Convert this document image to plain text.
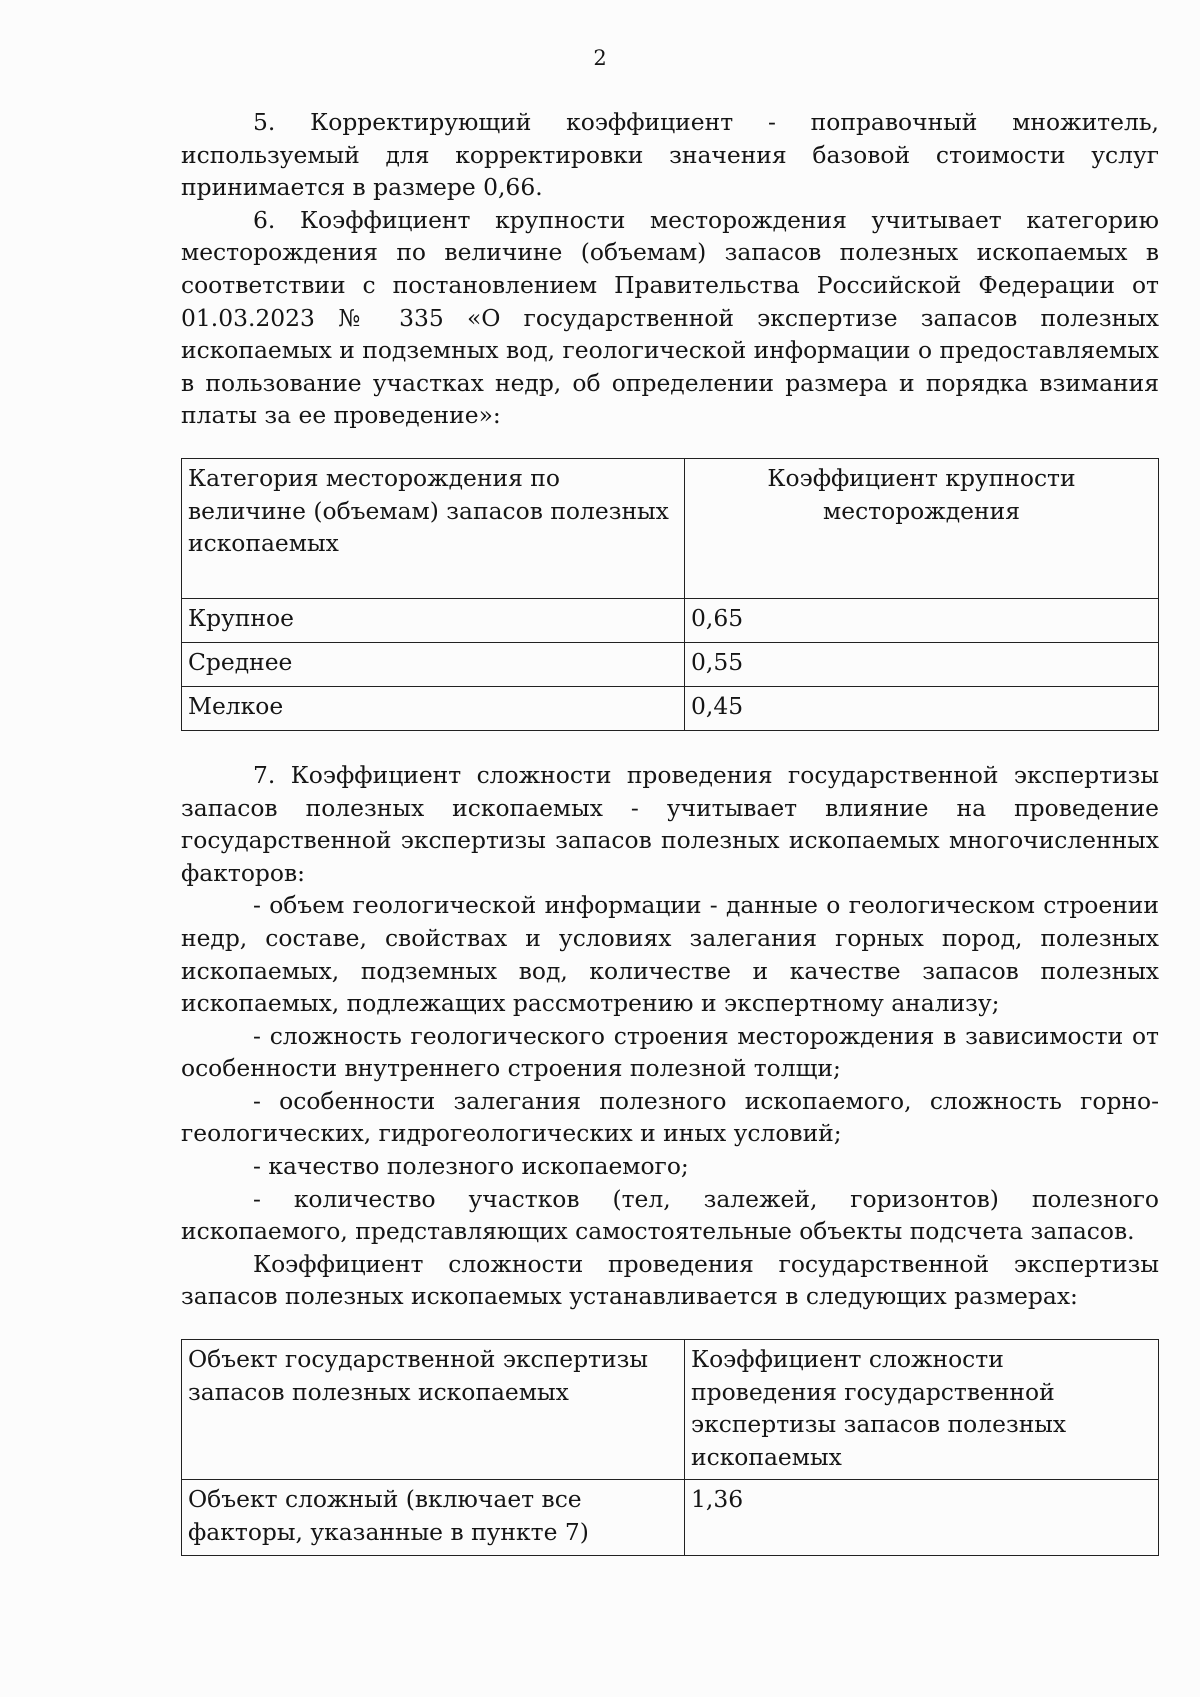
2

5. Корректирующий коэффициент - поправочный множитель, используемый для корректировки значения базовой стоимости услуг принимается в размере 0,66.

6. Коэффициент крупности месторождения учитывает категорию месторождения по величине (объемам) запасов полезных ископаемых в соответствии с постановлением Правительства Российской Федерации от 01.03.2023 № 335 «О государственной экспертизе запасов полезных ископаемых и подземных вод, геологической информации о предоставляемых в пользование участках недр, об определении размера и порядка взимания платы за ее проведение»:

Категория месторождения по величине (объемам) запасов полезных ископаемых	Коэффициент крупности месторождения
Крупное	0,65
Среднее	0,55
Мелкое	0,45

7. Коэффициент сложности проведения государственной экспертизы запасов полезных ископаемых - учитывает влияние на проведение государственной экспертизы запасов полезных ископаемых многочисленных факторов:

- объем геологической информации - данные о геологическом строении недр, составе, свойствах и условиях залегания горных пород, полезных ископаемых, подземных вод, количестве и качестве запасов полезных ископаемых, подлежащих рассмотрению и экспертному анализу;

- сложность геологического строения месторождения в зависимости от особенности внутреннего строения полезной толщи;

- особенности залегания полезного ископаемого, сложность горно-геологических, гидрогеологических и иных условий;

- качество полезного ископаемого;

- количество участков (тел, залежей, горизонтов) полезного ископаемого, представляющих самостоятельные объекты подсчета запасов.

Коэффициент сложности проведения государственной экспертизы запасов полезных ископаемых устанавливается в следующих размерах:

Объект государственной экспертизы запасов полезных ископаемых	Коэффициент сложности проведения государственной экспертизы запасов полезных ископаемых
Объект сложный (включает все факторы, указанные в пункте 7)	1,36
